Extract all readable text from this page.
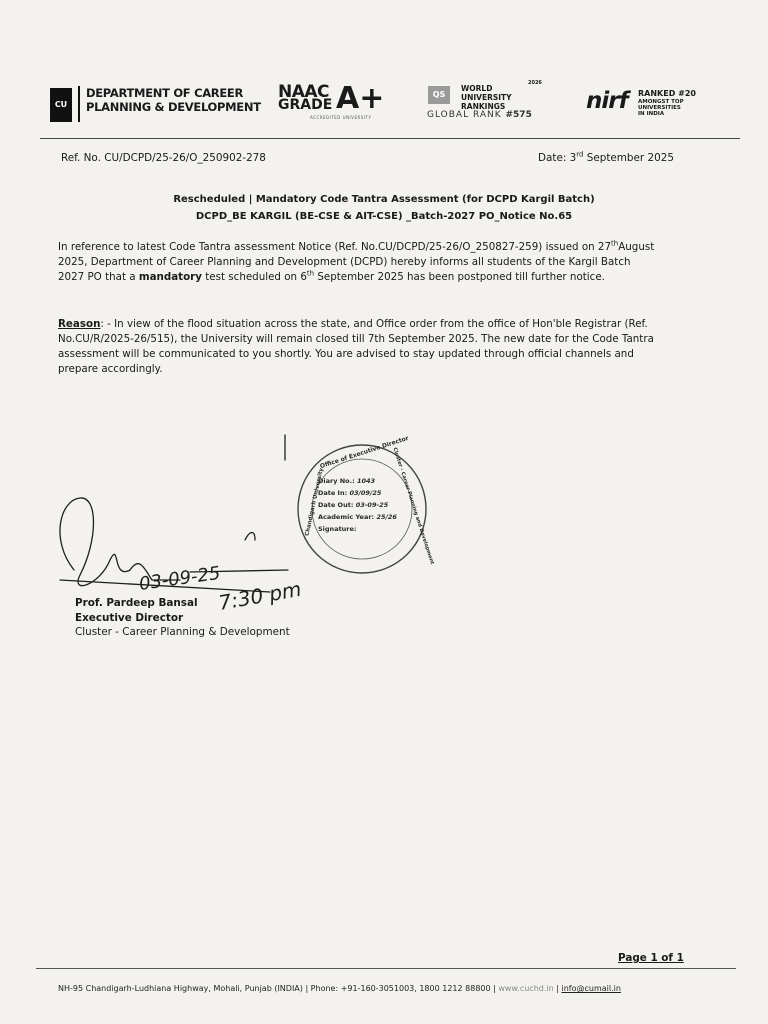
CU
DEPARTMENT OF CAREER
PLANNING & DEVELOPMENT
NAAC
GRADE A+
ACCREDITED UNIVERSITY
QS
2026
WORLD
UNIVERSITY
RANKINGS
GLOBAL RANK #575
nirf RANKED #20
AMONGST TOP
UNIVERSITIES
IN INDIA
Ref. No. CU/DCPD/25-26/O_250902-278	Date: 3rd September 2025
Rescheduled | Mandatory Code Tantra Assessment (for DCPD Kargil Batch)
DCPD_BE KARGIL (BE-CSE & AIT-CSE) _Batch-2027 PO_Notice No.65
In reference to latest Code Tantra assessment Notice (Ref. No.CU/DCPD/25-26/O_250827-259) issued on 27thAugust
2025, Department of Career Planning and Development (DCPD) hereby informs all students of the Kargil Batch
2027 PO that a mandatory test scheduled on 6th September 2025 has been postponed till further notice.
Reason: - In view of the flood situation across the state, and Office order from the office of Hon'ble Registrar (Ref.
No.CU/R/2025-26/515), the University will remain closed till 7th September 2025. The new date for the Code Tantra
assessment will be communicated to you shortly. You are advised to stay updated through official channels and
prepare accordingly.
03-09-25
7:30 pm
Office of Executive Director
Chandigarh University	Cluster - Career Planning and Development
Diary No.: 1043
Date In: 03/09/25
Date Out: 03-09-25
Academic Year: 25/26
Signature:
Prof. Pardeep Bansal
Executive Director
Cluster - Career Planning & Development
Page 1 of 1
NH-95 Chandigarh-Ludhiana Highway, Mohali, Punjab (INDIA) | Phone: +91-160-3051003, 1800 1212 88800 | www.cuchd.in | info@cumail.in
